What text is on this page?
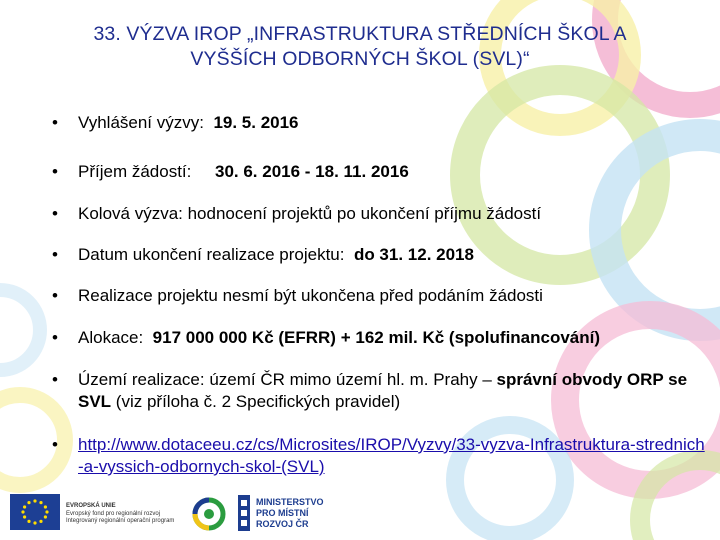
33. VÝZVA IROP „INFRASTRUKTURA STŘEDNÍCH ŠKOL A
VYŠŠÍCH ODBORNÝCH ŠKOL (SVL)“
• Vyhlášení výzvy: 19. 5. 2016
• Příjem žádostí: 30. 6. 2016 - 18. 11. 2016
• Kolová výzva: hodnocení projektů po ukončení příjmu žádostí
• Datum ukončení realizace projektu: do 31. 12. 2018
• Realizace projektu nesmí být ukončena před podáním žádosti
• Alokace: 917 000 000 Kč (EFRR) + 162 mil. Kč (spolufinancování)
• Území realizace: území ČR mimo území hl. m. Prahy – správní obvody ORP se SVL (viz příloha č. 2 Specifických pravidel)
• http://www.dotaceeu.cz/cs/Microsites/IROP/Vyzvy/33-vyzva-Infrastruktura-strednich-a-vyssich-odbornych-skol-(SVL)
EVROPSKÁ UNIE
Evropský fond pro regionální rozvoj
Integrovaný regionální operační program
MINISTERSTVO
PRO MÍSTNÍ
ROZVOJ ČR
